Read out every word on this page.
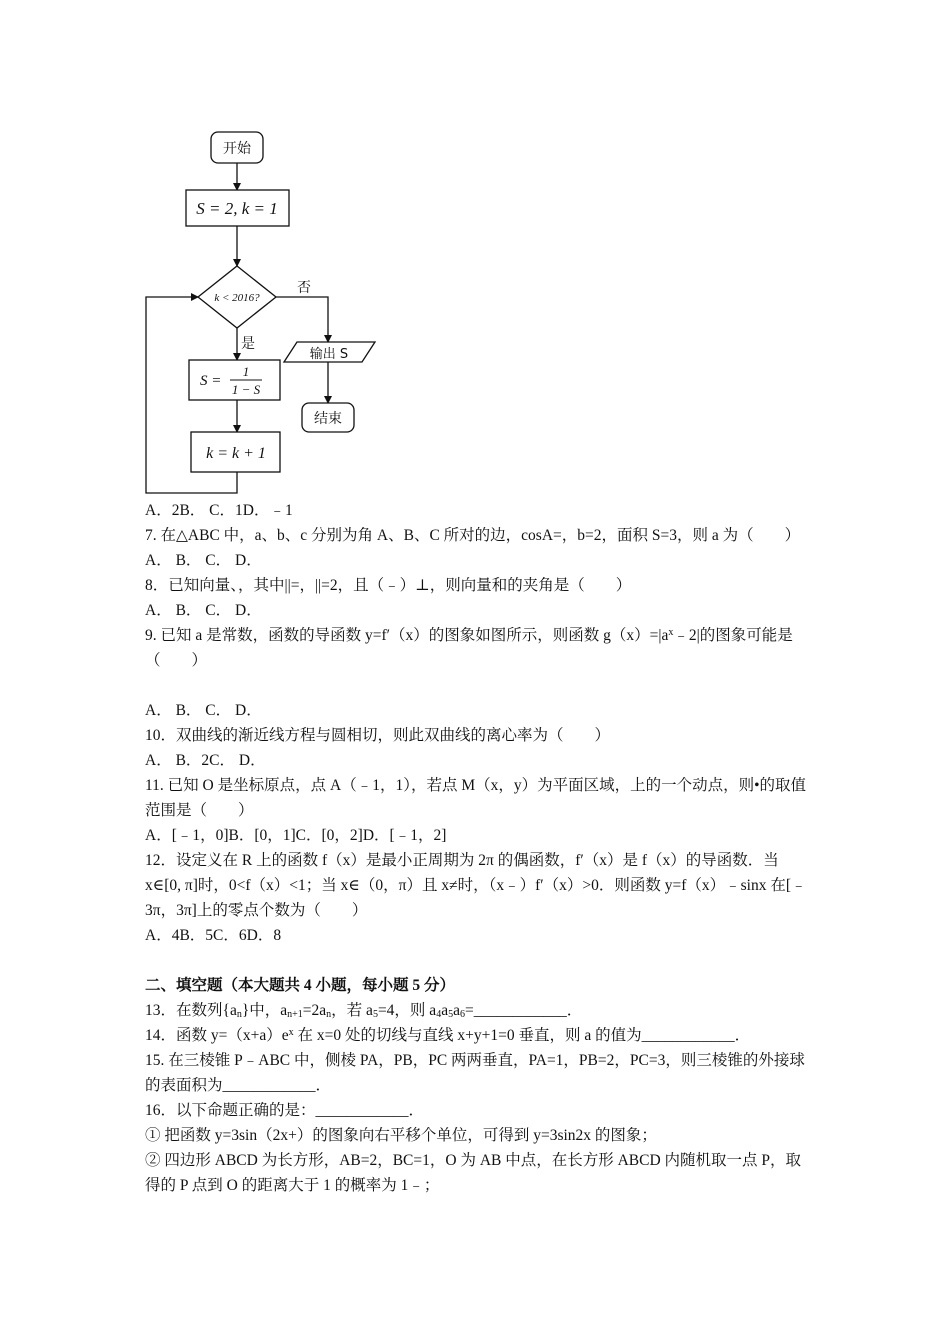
开始
S = 2, k = 1
k < 2016?
否
输出 S
结束
是
S =
1
1 − S
k = k + 1
A．2B． C．1D．﹣1
7. 在△ABC 中，a、b、c 分别为角 A、B、C 所对的边，cosA=，b=2，面积 S=3，则 a 为（　　）
A． B． C． D．
8．已知向量、，其中||=，||=2，且（﹣）⊥，则向量和的夹角是（　　）
A． B． C． D．
9. 已知 a 是常数，函数的导函数 y=f′（x）的图象如图所示，则函数 $g(x)=|a^x﹣2|$的图象可能是（　　）
A． B． C． D．
10．双曲线的渐近线方程与圆相切，则此双曲线的离心率为（　　）
A． B．2C． D．
11. 已知 O 是坐标原点，点 A（﹣1，1），若点 M（x，y）为平面区域，上的一个动点，则•的取值范围是（　　）
A．[﹣1，0]B．[0，1]C．[0，2]D．[﹣1，2]
12．设定义在 R 上的函数 f（x）是最小正周期为 2π 的偶函数，f′（x）是 f（x）的导函数．当 x∈[0, π]时，0<f（x）<1；当 x∈（0，π）且 x≠时，（x﹣）f′（x）>0．则函数 y=f（x）﹣sinx 在[﹣3π，3π]上的零点个数为（　　）
A．4B．5C．6D．8
二、填空题（本大题共 4 小题，每小题 5 分）
13．在数列$\{a_n\}$中，$a_{n+1}=2a_n$，若 $a_5=4$，则 $a_4a_5a_6=\_\_\_\_\_\_\_\_\_\_\_\_$．
14．函数 $y=(x+a)e^x$ 在 x=0 处的切线与直线 x+y+1=0 垂直，则 a 的值为____________．
15. 在三棱锥 P﹣ABC 中，侧棱 PA，PB，PC 两两垂直，PA=1，PB=2，PC=3，则三棱锥的外接球的表面积为____________．
16．以下命题正确的是：____________．
① 把函数 y=3sin（2x+）的图象向右平移个单位，可得到 y=3sin2x 的图象；
② 四边形 ABCD 为长方形，AB=2，BC=1，O 为 AB 中点，在长方形 ABCD 内随机取一点 P，取得的 P 点到 O 的距离大于 1 的概率为 1﹣；
